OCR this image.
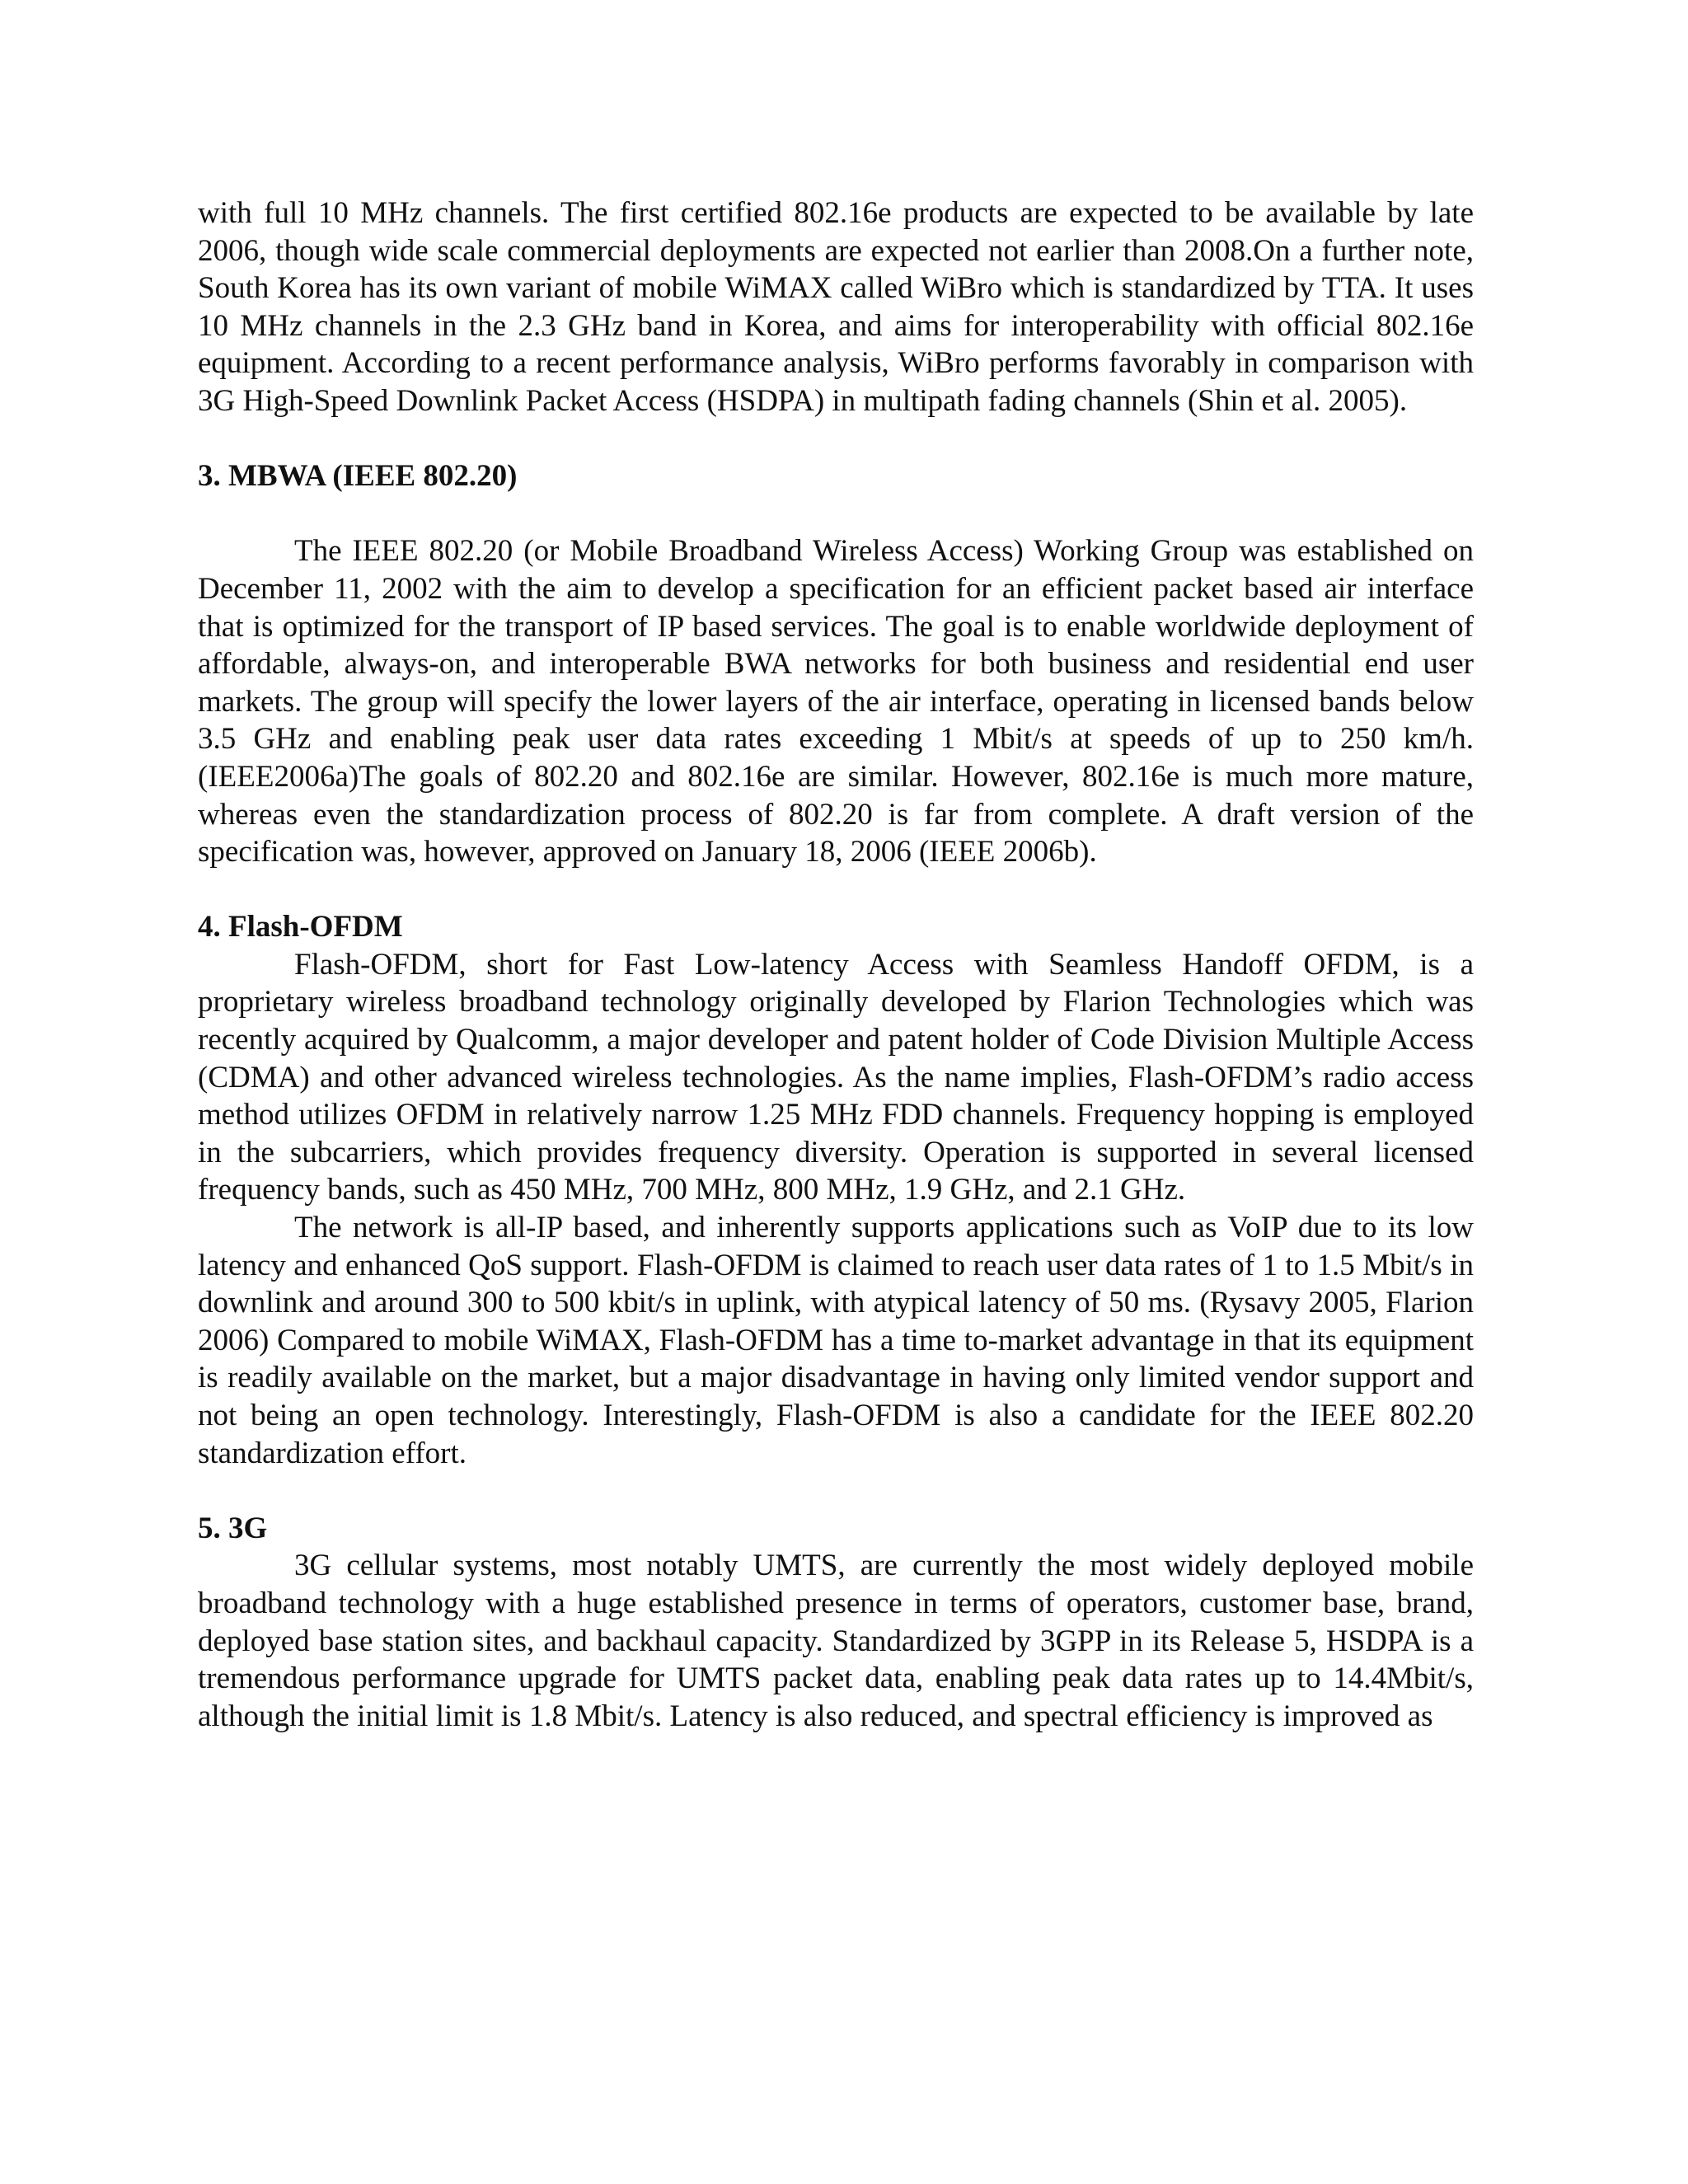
with full 10 MHz channels. The first certified 802.16e products are expected to be available by late 2006, though wide scale commercial deployments are expected not earlier than 2008.On a further note, South Korea has its own variant of mobile WiMAX called WiBro which is standardized by TTA. It uses 10 MHz channels in the 2.3 GHz band in Korea, and aims for interoperability with official 802.16e equipment. According to a recent performance analysis, WiBro performs favorably in comparison with 3G High-Speed Downlink Packet Access (HSDPA) in multipath fading channels (Shin et al. 2005).

3. MBWA (IEEE 802.20)

The IEEE 802.20 (or Mobile Broadband Wireless Access) Working Group was established on December 11, 2002 with the aim to develop a specification for an efficient packet based air interface that is optimized for the transport of IP based services. The goal is to enable worldwide deployment of affordable, always-on, and interoperable BWA networks for both business and residential end user markets. The group will specify the lower layers of the air interface, operating in licensed bands below 3.5 GHz and enabling peak user data rates exceeding 1 Mbit/s at speeds of up to 250 km/h. (IEEE2006a)The goals of 802.20 and 802.16e are similar. However, 802.16e is much more mature, whereas even the standardization process of 802.20 is far from complete. A draft version of the specification was, however, approved on January 18, 2006 (IEEE 2006b).

4. Flash-OFDM

Flash-OFDM, short for Fast Low-latency Access with Seamless Handoff OFDM, is a proprietary wireless broadband technology originally developed by Flarion Technologies which was recently acquired by Qualcomm, a major developer and patent holder of Code Division Multiple Access (CDMA) and other advanced wireless technologies. As the name implies, Flash-OFDM’s radio access method utilizes OFDM in relatively narrow 1.25 MHz FDD channels. Frequency hopping is employed in the subcarriers, which provides frequency diversity. Operation is supported in several licensed frequency bands, such as 450 MHz, 700 MHz, 800 MHz, 1.9 GHz, and 2.1 GHz.

The network is all-IP based, and inherently supports applications such as VoIP due to its low latency and enhanced QoS support. Flash-OFDM is claimed to reach user data rates of 1 to 1.5 Mbit/s in downlink and around 300 to 500 kbit/s in uplink, with atypical latency of 50 ms. (Rysavy 2005, Flarion 2006) Compared to mobile WiMAX, Flash-OFDM has a time to-market advantage in that its equipment is readily available on the market, but a major disadvantage in having only limited vendor support and not being an open technology. Interestingly, Flash-OFDM is also a candidate for the IEEE 802.20 standardization effort.

5. 3G

3G cellular systems, most notably UMTS, are currently the most widely deployed mobile broadband technology with a huge established presence in terms of operators, customer base, brand, deployed base station sites, and backhaul capacity. Standardized by 3GPP in its Release 5, HSDPA is a tremendous performance upgrade for UMTS packet data, enabling peak data rates up to 14.4Mbit/s, although the initial limit is 1.8 Mbit/s. Latency is also reduced, and spectral efficiency is improved as
